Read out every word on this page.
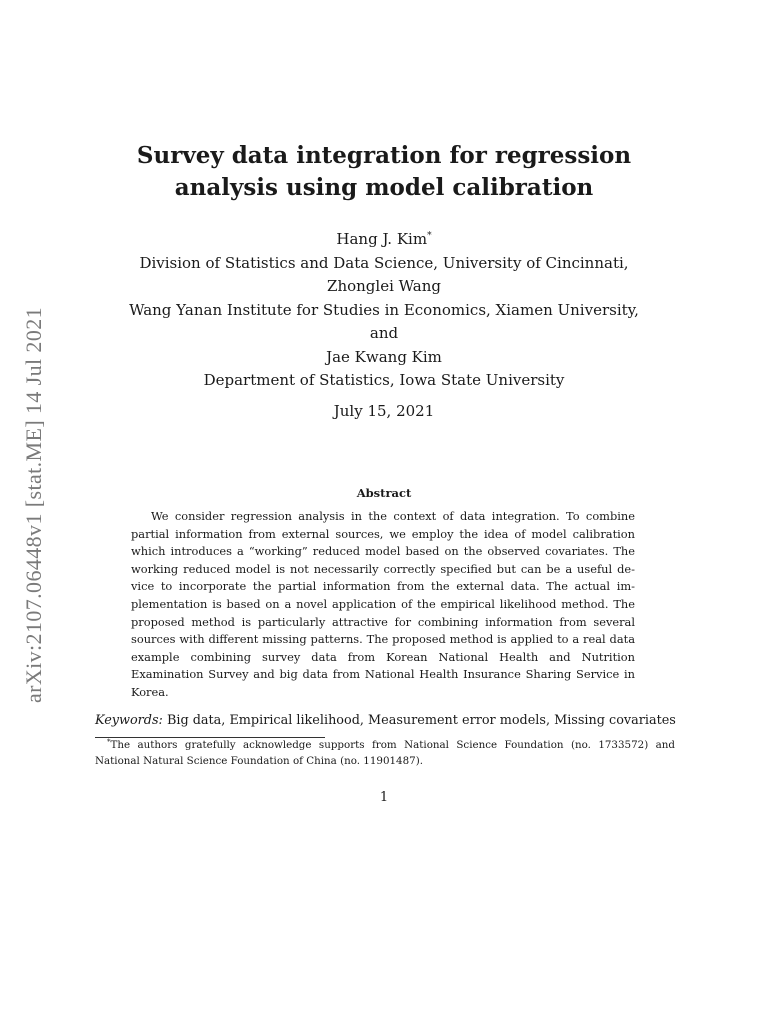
arXiv:2107.06448v1 [stat.ME] 14 Jul 2021
Survey data integration for regression
analysis using model calibration
Hang J. Kim*
Division of Statistics and Data Science, University of Cincinnati,
Zhonglei Wang
Wang Yanan Institute for Studies in Economics, Xiamen University,
and
Jae Kwang Kim
Department of Statistics, Iowa State University
July 15, 2021
Abstract
We consider regression analysis in the context of data integration. To combine partial information from external sources, we employ the idea of model calibration which introduces a “working” reduced model based on the observed covariates. The working reduced model is not necessarily correctly specified but can be a useful device to incorporate the partial information from the external data. The actual implementation is based on a novel application of the empirical likelihood method. The proposed method is particularly attractive for combining information from several sources with different missing patterns. The proposed method is applied to a real data example combining survey data from Korean National Health and Nutrition Examination Survey and big data from National Health Insurance Sharing Service in Korea.
Keywords: Big data, Empirical likelihood, Measurement error models, Missing covariates
*The authors gratefully acknowledge supports from National Science Foundation (no. 1733572) and National Natural Science Foundation of China (no. 11901487).
1
